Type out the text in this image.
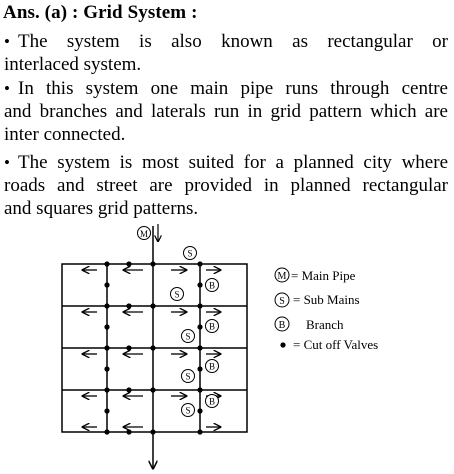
Ans. (a) : Grid System :
• The system is also known as rectangular or
interlaced system.
• In this system one main pipe runs through centre
and branches and laterals run in grid pattern which are
inter connected.
• The system is most suited for a planned city where
roads and street are provided in planned rectangular
and squares grid patterns.
M
S
S
S
S
S
B
B
B
B
M = Main Pipe
S = Sub Mains
B Branch
= Cut off Valves
